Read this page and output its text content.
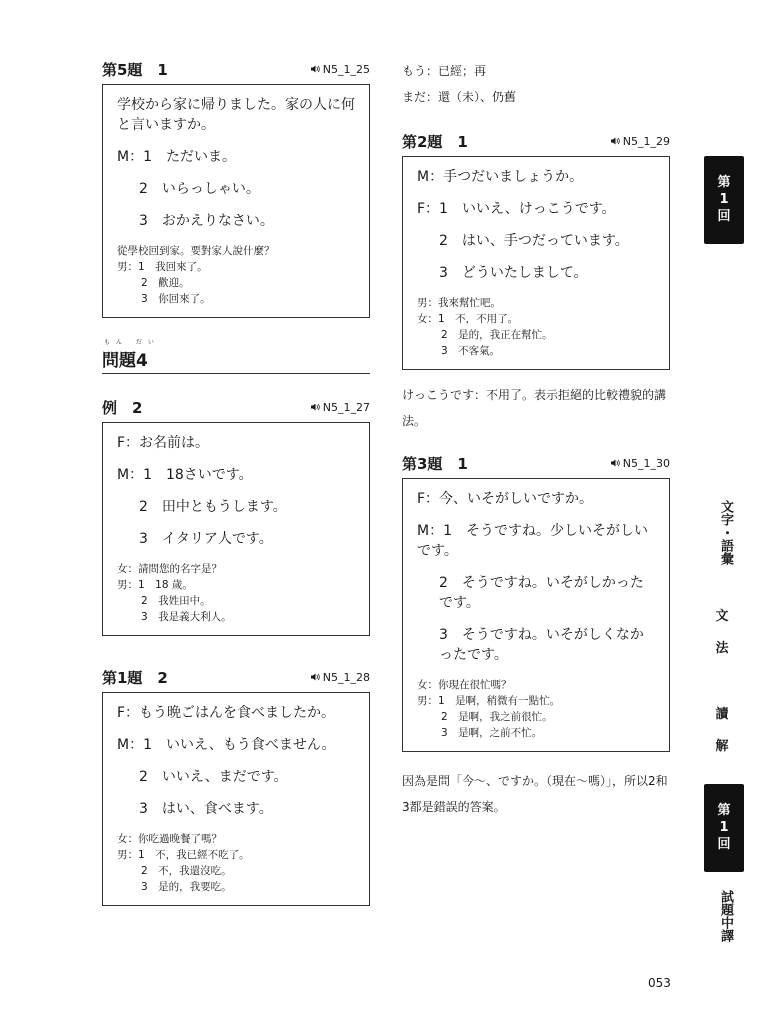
第5題　1	N5_1_25
学校から家に帰りました。家の人に何と言いますか。
M：1　ただいま。
2　いらっしゃい。
3　おかえりなさい。
從學校回到家。要對家人說什麼？
男：1　我回來了。
2　歡迎。
3　你回來了。
もん だい
問題4
例　2	N5_1_27
F：お名前は。
M：1　18さいです。
2　田中ともうします。
3　イタリア人です。
女：請問您的名字是？
男：1　18 歲。
2　我姓田中。
3　我是義大利人。
第1題　2	N5_1_28
F：もう晩ごはんを食べましたか。
M：1　いいえ、もう食べません。
2　いいえ、まだです。
3　はい、食べます。
女：你吃過晚餐了嗎？
男：1　不，我已經不吃了。
2　不，我還沒吃。
3　是的，我要吃。
もう：已經；再
まだ：還（未）、仍舊
第2題　1	N5_1_29
M：手つだいましょうか。
F：1　いいえ、けっこうです。
2　はい、手つだっています。
3　どういたしまして。
男：我來幫忙吧。
女：1　不，不用了。
2　是的，我正在幫忙。
3　不客氣。
けっこうです：不用了。表示拒絕的比較禮貌的講法。
第3題　1	N5_1_30
F：今、いそがしいですか。
M：1　そうですね。少しいそがしいです。
2　そうですね。いそがしかったです。
3　そうですね。いそがしくなかったです。
女：你現在很忙嗎？
男：1　是啊，稍微有一點忙。
2　是啊，我之前很忙。
3　是啊，之前不忙。
因為是問「今〜、ですか。（現在〜嗎）」，所以2和3都是錯誤的答案。
第
1
回
文字・語彙
文
法
讀
解
第
1
回
試題中譯
053
